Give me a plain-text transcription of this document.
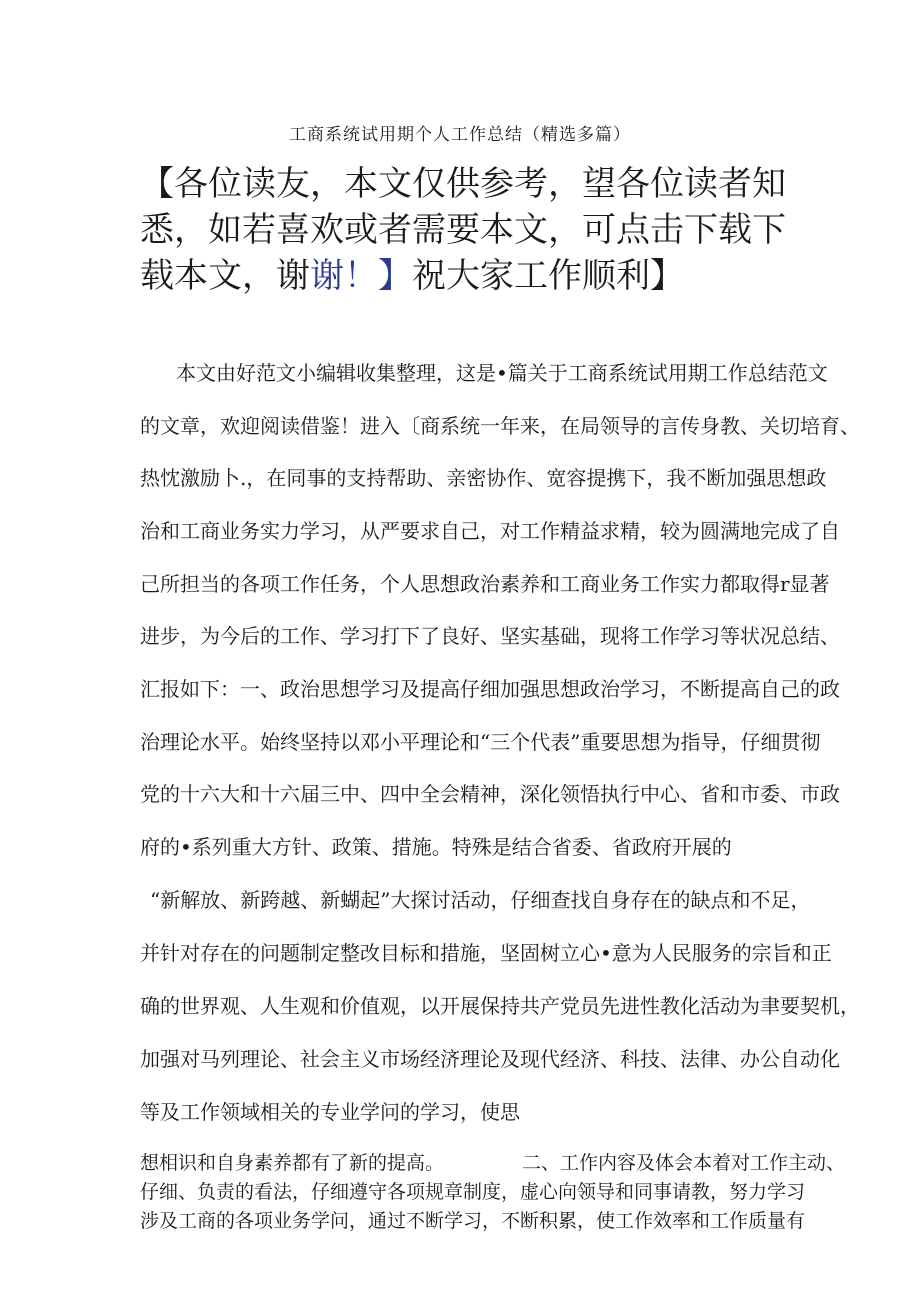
工商系统试用期个人工作总结（精选多篇）

【各位读友，本文仅供参考，望各位读者知悉，如若喜欢或者需要本文，可点击下载下载本文，谢谢！】祝大家工作顺利】

本文由好范文小编辑收集整理，这是•篇关于工商系统试用期工作总结范文

的文章，欢迎阅读借鉴！进入〔商系统一年来，在局领导的言传身教、关切培育、

热忱激励卜.，在同事的支持帮助、亲密协作、宽容提携下，我不断加强思想政

治和工商业务实力学习，从严要求自己，对工作精益求精，较为圆满地完成了自

己所担当的各项工作任务，个人思想政治素养和工商业务工作实力都取得r显著

进步，为今后的工作、学习打下了良好、坚实基础，现将工作学习等状况总结、

汇报如下：一、政治思想学习及提高仔细加强思想政治学习，不断提高自己的政

治理论水平。始终坚持以邓小平理论和“三个代表”重要思想为指导，仔细贯彻

党的十六大和十六届三中、四中全会精神，深化领悟执行中心、省和市委、市政

府的•系列重大方针、政策、措施。特殊是结合省委、省政府开展的

“新解放、新跨越、新蝴起”大探讨活动，仔细查找自身存在的缺点和不足，

并针对存在的问题制定整改目标和措施，坚固树立心•意为人民服务的宗旨和正

确的世界观、人生观和价值观，以开展保持共产党员先进性教化活动为聿要契机，

加强对马列理论、社会主义市场经济理论及现代经济、科技、法律、办公自动化

等及工作领域相关的专业学问的学习，使思

想相识和自身素养都有了新的提高。	二、工作内容及体会本着对工作主动、

仔细、负责的看法，仔细遵守各项规章制度，虚心向领导和同事请教，努力学习

涉及工商的各项业务学问，通过不断学习，不断积累，使工作效率和工作质量有
